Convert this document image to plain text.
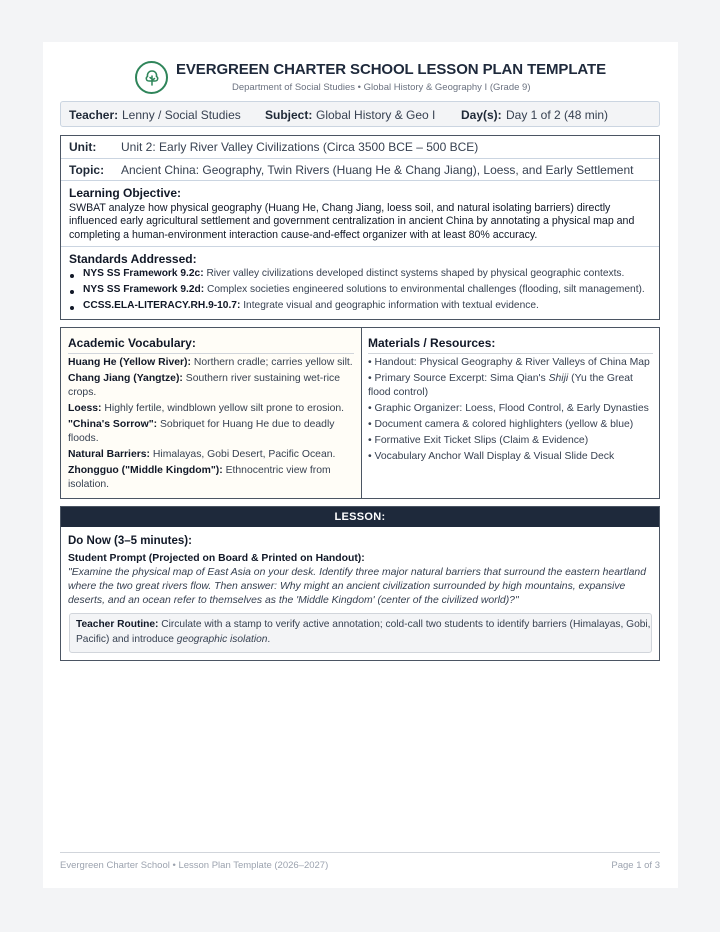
EVERGREEN CHARTER SCHOOL LESSON PLAN TEMPLATE
Department of Social Studies • Global History & Geography I (Grade 9)
Teacher: Lenny / Social Studies Subject: Global History & Geo I Day(s): Day 1 of 2 (48 min)
Unit: Unit 2: Early River Valley Civilizations (Circa 3500 BCE – 500 BCE)
Topic: Ancient China: Geography, Twin Rivers (Huang He & Chang Jiang), Loess, and Early Settlement
Learning Objective:
SWBAT analyze how physical geography (Huang He, Chang Jiang, loess soil, and natural isolating barriers) directly
influenced early agricultural settlement and government centralization in ancient China by annotating a physical map and
completing a human-environment interaction cause-and-effect organizer with at least 80% accuracy.
Standards Addressed:
NYS SS Framework 9.2c: River valley civilizations developed distinct systems shaped by physical geographic contexts.
NYS SS Framework 9.2d: Complex societies engineered solutions to environmental challenges (flooding, silt management).
CCSS.ELA-LITERACY.RH.9-10.7: Integrate visual and geographic information with textual evidence.
Academic Vocabulary:
Huang He (Yellow River): Northern cradle; carries yellow silt.
Chang Jiang (Yangtze): Southern river sustaining wet-rice
crops.
Loess: Highly fertile, windblown yellow silt prone to erosion.
"China's Sorrow": Sobriquet for Huang He due to deadly
floods.
Natural Barriers: Himalayas, Gobi Desert, Pacific Ocean.
Zhongguo ("Middle Kingdom"): Ethnocentric view from
isolation.
Materials / Resources:
• Handout: Physical Geography & River Valleys of China Map
• Primary Source Excerpt: Sima Qian's Shiji (Yu the Great
flood control)
• Graphic Organizer: Loess, Flood Control, & Early Dynasties
• Document camera & colored highlighters (yellow & blue)
• Formative Exit Ticket Slips (Claim & Evidence)
• Vocabulary Anchor Wall Display & Visual Slide Deck
LESSON:
Do Now (3–5 minutes):
Student Prompt (Projected on Board & Printed on Handout):
"Examine the physical map of East Asia on your desk. Identify three major natural barriers that surround the eastern heartland
where the two great rivers flow. Then answer: Why might an ancient civilization surrounded by high mountains, expansive
deserts, and an ocean refer to themselves as the 'Middle Kingdom' (center of the civilized world)?"
Teacher Routine: Circulate with a stamp to verify active annotation; cold-call two students to identify barriers (Himalayas, Gobi,
Pacific) and introduce geographic isolation.
Evergreen Charter School • Lesson Plan Template (2026–2027)	Page 1 of 3
